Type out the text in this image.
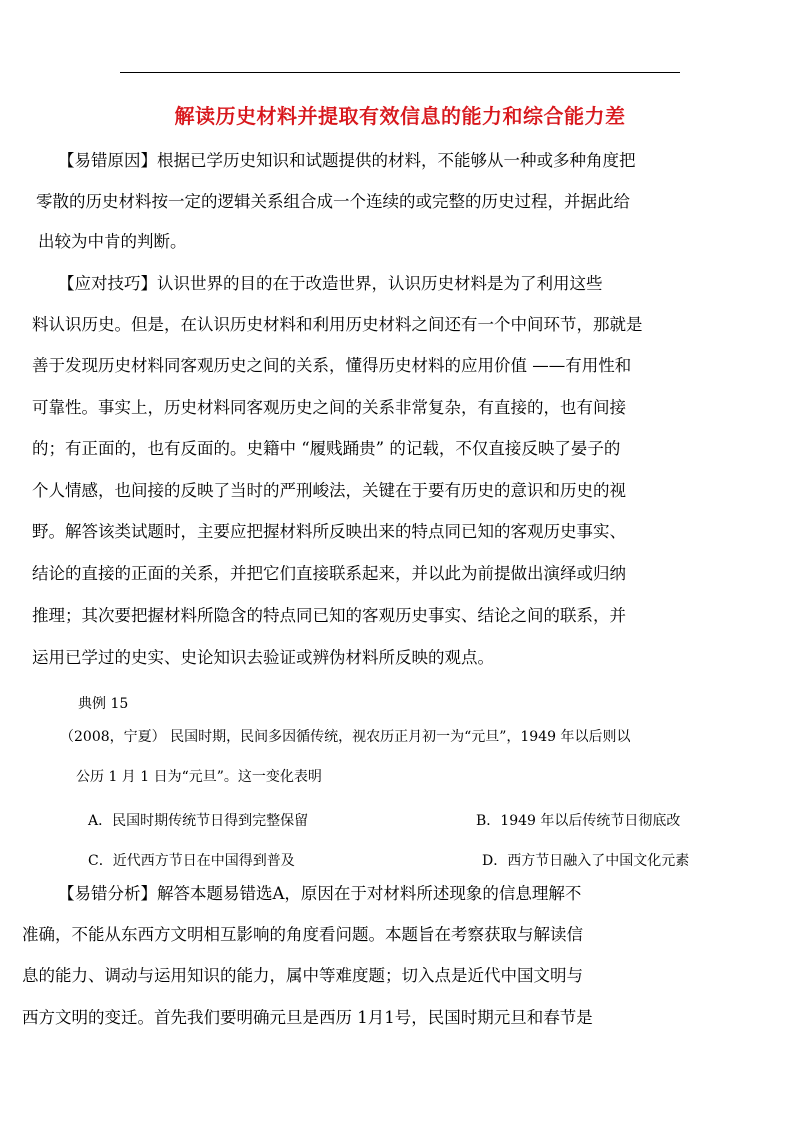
解读历史材料并提取有效信息的能力和综合能力差
【易错原因】根据已学历史知识和试题提供的材料，不能够从一种或多种角度把
零散的历史材料按一定的逻辑关系组合成一个连续的或完整的历史过程，并据此给
出较为中肯的判断。
【应对技巧】认识世界的目的在于改造世界，认识历史材料是为了利用这些
料认识历史。但是，在认识历史材料和利用历史材料之间还有一个中间环节，那就是
善于发现历史材料同客观历史之间的关系，懂得历史材料的应用价值 ——有用性和
可靠性。事实上，历史材料同客观历史之间的关系非常复杂，有直接的，也有间接
的；有正面的，也有反面的。史籍中 “履贱踊贵” 的记载，不仅直接反映了晏子的
个人情感，也间接的反映了当时的严刑峻法，关键在于要有历史的意识和历史的视
野。解答该类试题时，主要应把握材料所反映出来的特点同已知的客观历史事实、
结论的直接的正面的关系，并把它们直接联系起来，并以此为前提做出演绎或归纳
推理；其次要把握材料所隐含的特点同已知的客观历史事实、结论之间的联系，并
运用已学过的史实、史论知识去验证或辨伪材料所反映的观点。
典例 15
（2008，宁夏） 民国时期，民间多因循传统，视农历正月初一为“元旦”，1949 年以后则以
公历 1 月 1 日为“元旦”。这一变化表明
A．民国时期传统节日得到完整保留	B．1949 年以后传统节日彻底改
C．近代西方节日在中国得到普及	D．西方节日融入了中国文化元素
【易错分析】解答本题易错选A，原因在于对材料所述现象的信息理解不
准确，不能从东西方文明相互影响的角度看问题。本题旨在考察获取与解读信
息的能力、调动与运用知识的能力，属中等难度题；切入点是近代中国文明与
西方文明的变迁。首先我们要明确元旦是西历 1月1号，民国时期元旦和春节是
